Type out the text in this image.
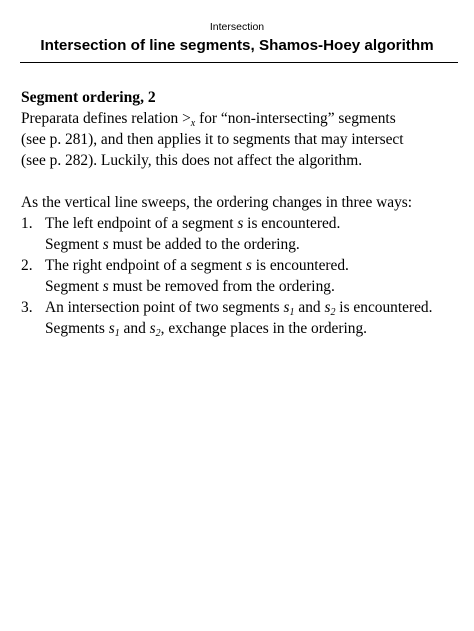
Intersection
Intersection of line segments, Shamos-Hoey algorithm
Segment ordering, 2
Preparata defines relation $>_x$ for “non-intersecting” segments
(see p. 281), and then applies it to segments that may intersect
(see p. 282). Luckily, this does not affect the algorithm.
As the vertical line sweeps, the ordering changes in three ways:
1. The left endpoint of a segment s is encountered.
Segment s must be added to the ordering.
2. The right endpoint of a segment s is encountered.
Segment s must be removed from the ordering.
3. An intersection point of two segments $s_1$ and $s_2$ is encountered.
Segments $s_1$ and $s_2$, exchange places in the ordering.
